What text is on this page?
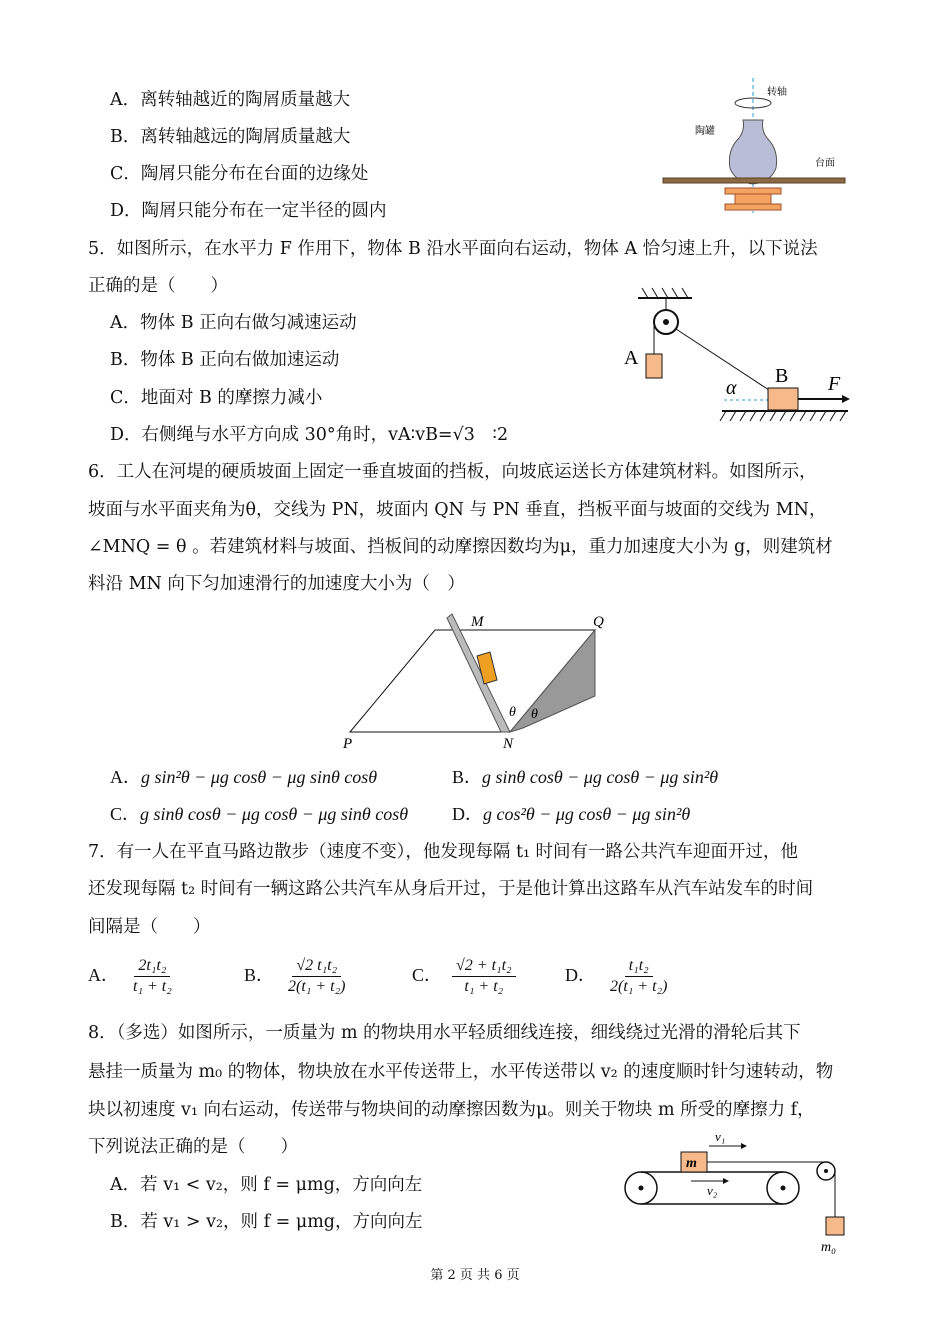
A．离转轴越近的陶屑质量越大
B．离转轴越远的陶屑质量越大
C．陶屑只能分布在台面的边缘处
D．陶屑只能分布在一定半径的圆内
转轴
陶罐
台面
5．如图所示，在水平力 F 作用下，物体 B 沿水平面向右运动，物体 A 恰匀速上升，以下说法
正确的是（　　）
A．物体 B 正向右做匀减速运动
B．物体 B 正向右做加速运动
C．地面对 B 的摩擦力减小
D．右侧绳与水平方向成 30°角时，vA∶vB=√3　∶2
A
B F
α
6．工人在河堤的硬质坡面上固定一垂直坡面的挡板，向坡底运送长方体建筑材料。如图所示，
坡面与水平面夹角为θ，交线为 PN，坡面内 QN 与 PN 垂直，挡板平面与坡面的交线为 MN，
∠MNQ = θ 。若建筑材料与坡面、挡板间的动摩擦因数均为μ，重力加速度大小为 g，则建筑材
料沿 MN 向下匀加速滑行的加速度大小为（　）
M	Q
P	N
θ θ
A．g sin²θ − μg cosθ − μg sinθ cosθ	B．g sinθ cosθ − μg cosθ − μg sin²θ
C．g sinθ cosθ − μg cosθ − μg sinθ cosθ D．g cos²θ − μg cosθ − μg sin²θ
7．有一人在平直马路边散步（速度不变），他发现每隔 t₁ 时间有一路公共汽车迎面开过，他
还发现每隔 t₂ 时间有一辆这路公共汽车从身后开过，于是他计算出这路车从汽车站发车的时间
间隔是（　　）
A． $\frac{\text{2t₁t₂}}{\text{t₁ + t₂}}$	B． $\frac{\text{√2 t₁t₂}}{\text{2(t₁ + t₂)}}$	C． $\frac{\text{√2 + t₁t₂}}{\text{t₁ + t₂}}$	D． $\frac{\text{t₁t₂}}{\text{2(t₁ + t₂)}}$
8．（多选）如图所示，一质量为 m 的物块用水平轻质细线连接，细线绕过光滑的滑轮后其下
悬挂一质量为 m₀ 的物体，物块放在水平传送带上，水平传送带以 v₂ 的速度顺时针匀速转动，物
块以初速度 v₁ 向右运动，传送带与物块间的动摩擦因数为μ。则关于物块 m 所受的摩擦力 f，
下列说法正确的是（　　）
A．若 v₁ < v₂，则 f = μmg，方向向左
B．若 v₁ > v₂，则 f = μmg，方向向左
m
v₁
v₂
m₀
第 2 页 共 6 页
